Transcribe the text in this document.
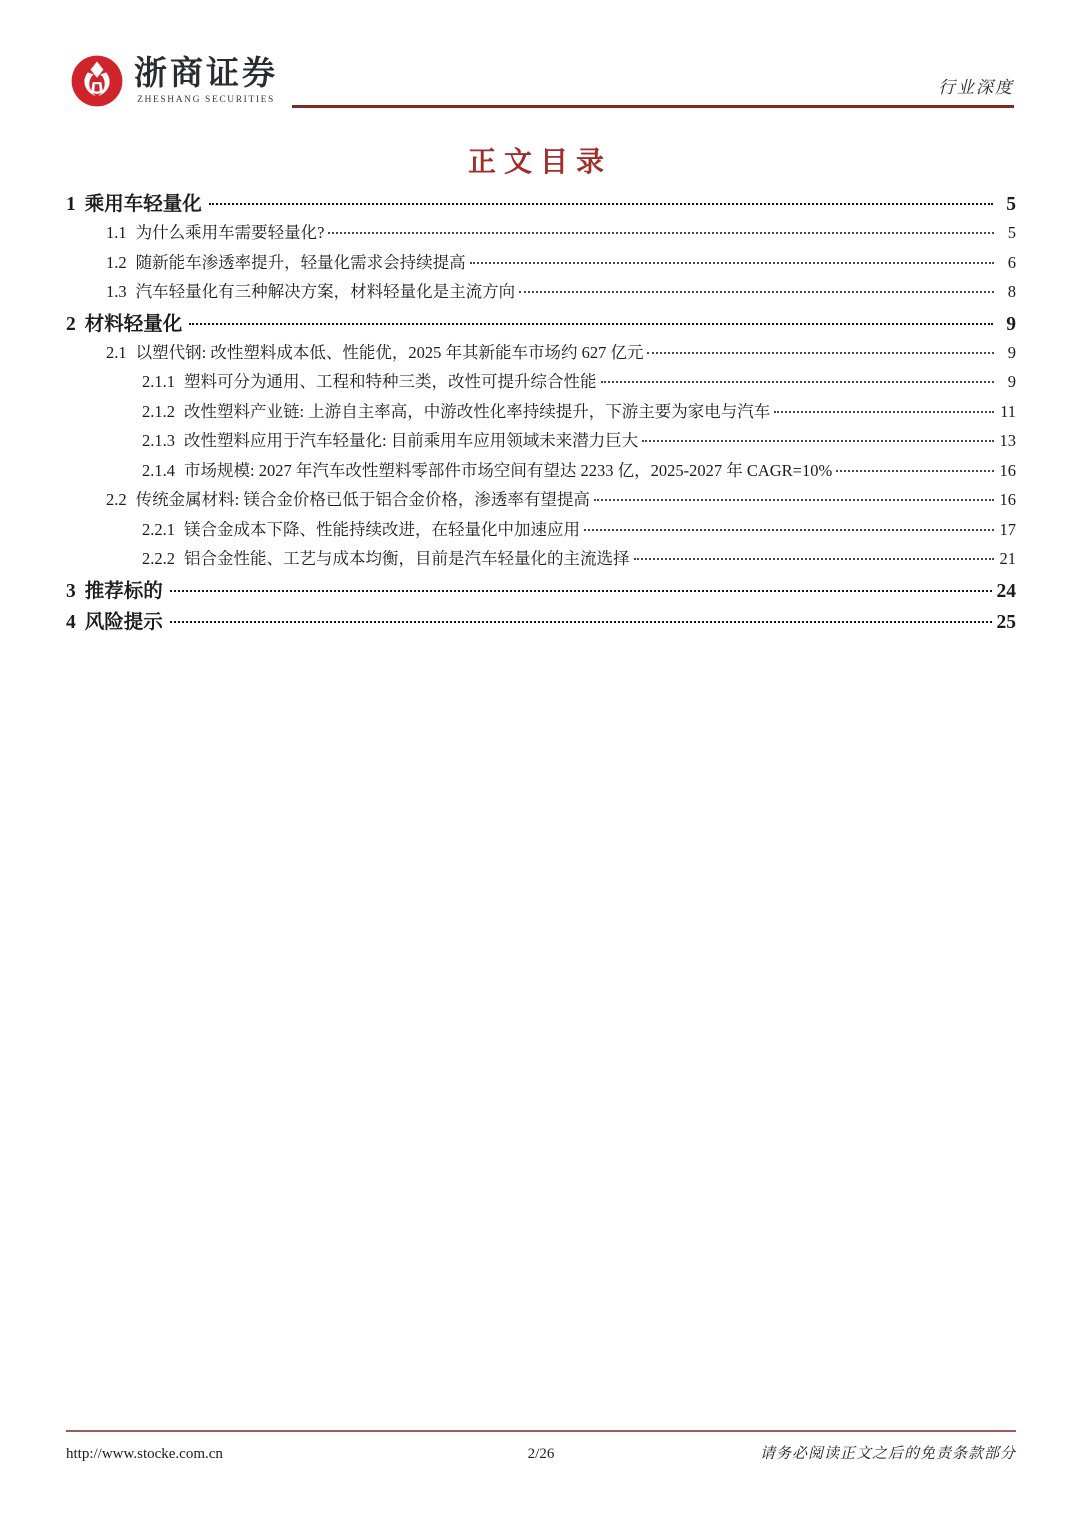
浙商证券
ZHESHANG SECURITIES
行业深度
正文目录
1 乘用车轻量化	5
1.1 为什么乘用车需要轻量化?	5
1.2 随新能车渗透率提升，轻量化需求会持续提高	6
1.3 汽车轻量化有三种解决方案，材料轻量化是主流方向	8
2 材料轻量化	9
2.1 以塑代钢: 改性塑料成本低、性能优，2025 年其新能车市场约 627 亿元	9
2.1.1 塑料可分为通用、工程和特种三类，改性可提升综合性能	9
2.1.2 改性塑料产业链: 上游自主率高，中游改性化率持续提升，下游主要为家电与汽车	11
2.1.3 改性塑料应用于汽车轻量化: 目前乘用车应用领域未来潜力巨大	13
2.1.4 市场规模: 2027 年汽车改性塑料零部件市场空间有望达 2233 亿，2025-2027 年 CAGR=10%	16
2.2 传统金属材料: 镁合金价格已低于铝合金价格，渗透率有望提高	16
2.2.1 镁合金成本下降、性能持续改进，在轻量化中加速应用	17
2.2.2 铝合金性能、工艺与成本均衡，目前是汽车轻量化的主流选择	21
3 推荐标的	24
4 风险提示	25
http://www.stocke.com.cn	2/26	请务必阅读正文之后的免责条款部分
